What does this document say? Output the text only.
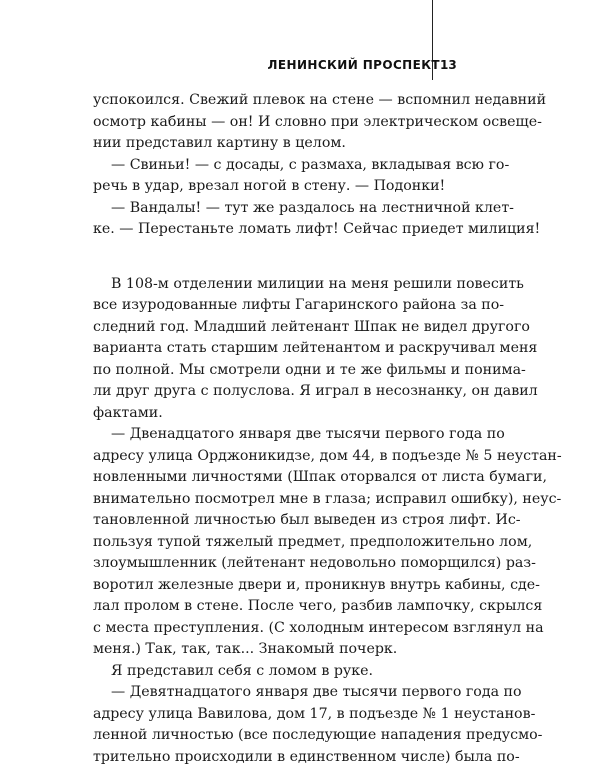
ЛЕНИНСКИЙ ПРОСПЕКТ 13
успокоился. Свежий плевок на стене — вспомнил недавний
осмотр кабины — он! И словно при электрическом освеще-
нии представил картину в целом.
— Свиньи! — с досады, с размаха, вкладывая всю го-
речь в удар, врезал ногой в стену. — Подонки!
— Вандалы! — тут же раздалось на лестничной клет-
ке. — Перестаньте ломать лифт! Сейчас приедет милиция!
В 108-м отделении милиции на меня решили повесить
все изуродованные лифты Гагаринского района за по-
следний год. Младший лейтенант Шпак не видел другого
варианта стать старшим лейтенантом и раскручивал меня
по полной. Мы смотрели одни и те же фильмы и понима-
ли друг друга с полуслова. Я играл в несознанку, он давил
фактами.
— Двенадцатого января две тысячи первого года по
адресу улица Орджоникидзе, дом 44, в подъезде № 5 неустан-
новленными личностями (Шпак оторвался от листа бумаги,
внимательно посмотрел мне в глаза; исправил ошибку), неус-
тановленной личностью был выведен из строя лифт. Ис-
пользуя тупой тяжелый предмет, предположительно лом,
злоумышленник (лейтенант недовольно поморщился) раз-
воротил железные двери и, проникнув внутрь кабины, сде-
лал пролом в стене. После чего, разбив лампочку, скрылся
с места преступления. (С холодным интересом взглянул на
меня.) Так, так, так... Знакомый почерк.
Я представил себя с ломом в руке.
— Девятнадцатого января две тысячи первого года по
адресу улица Вавилова, дом 17, в подъезде № 1 неустанов-
ленной личностью (все последующие нападения предусмо-
трительно происходили в единственном числе) была по-
